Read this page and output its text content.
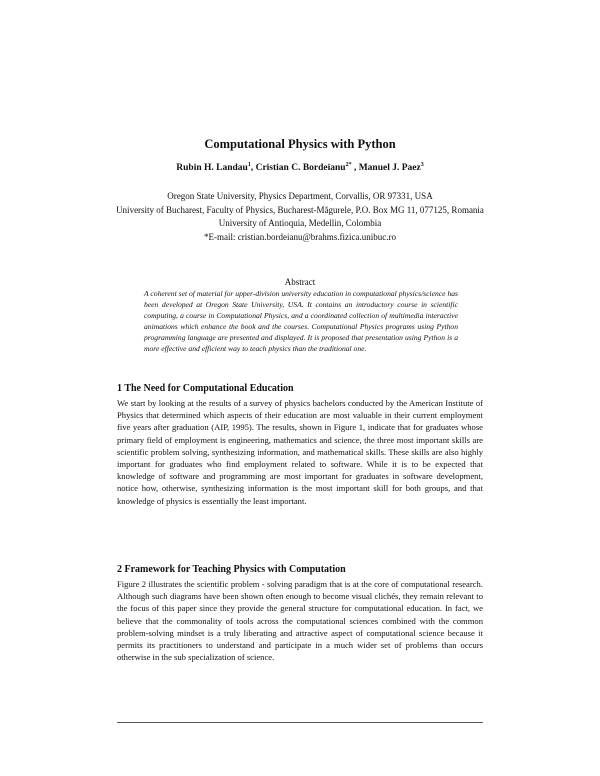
Computational Physics with Python
Rubin H. Landau$^1$, Cristian C. Bordeianu$^{2*}$ , Manuel J. Paez$^3$
Oregon State University, Physics Department, Corvallis, OR 97331, USA
University of Bucharest, Faculty of Physics, Bucharest-Măgurele, P.O. Box MG 11, 077125, Romania
University of Antioquia, Medellin, Colombia
*E-mail: cristian.bordeianu@brahms.fizica.unibuc.ro
Abstract
A coherent set of material for upper-division university education in computational physics/science has been developed at Oregon State University, USA. It contains an introductory course in scientific computing, a course in Computational Physics, and a coordinated collection of multimedia interactive animations which enhance the book and the courses. Computational Physics programs using Python programming language are presented and displayed. It is proposed that presentation using Python is a more effective and efficient way to teach physics than the traditional one.
1 The Need for Computational Education
We start by looking at the results of a survey of physics bachelors conducted by the American Institute of Physics that determined which aspects of their education are most valuable in their current employment five years after graduation (AIP, 1995). The results, shown in Figure 1, indicate that for graduates whose primary field of employment is engineering, mathematics and science, the three most important skills are scientific problem solving, synthesizing information, and mathematical skills. These skills are also highly important for graduates who find employment related to software. While it is to be expected that knowledge of software and programming are most important for graduates in software development, notice how, otherwise, synthesizing information is the most important skill for both groups, and that knowledge of physics is essentially the least important.
2 Framework for Teaching Physics with Computation
Figure 2 illustrates the scientific problem - solving paradigm that is at the core of computational research. Although such diagrams have been shown often enough to become visual clichés, they remain relevant to the focus of this paper since they provide the general structure for computational education. In fact, we believe that the commonality of tools across the computational sciences combined with the common problem-solving mindset is a truly liberating and attractive aspect of computational science because it permits its practitioners to understand and participate in a much wider set of problems than occurs otherwise in the sub specialization of science.
